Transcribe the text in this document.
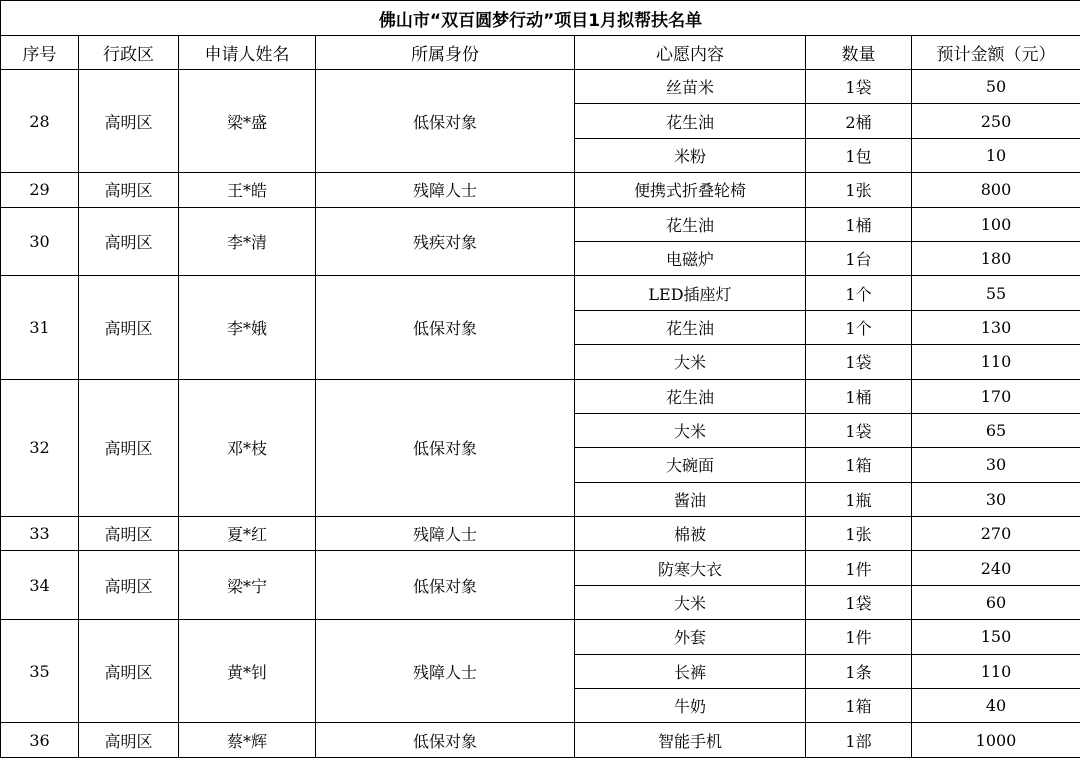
佛山市“双百圆梦行动”项目1月拟帮扶名单						
序号	行政区	申请人姓名	所属身份	心愿内容	数量	预计金额（元）
28	高明区	梁*盛	低保对象	丝苗米	1袋	50
				花生油	2桶	250
				米粉	1包	10
29	高明区	王*皓	残障人士	便携式折叠轮椅	1张	800
30	高明区	李*清	残疾对象	花生油	1桶	100
				电磁炉	1台	180
31	高明区	李*娥	低保对象	LED插座灯	1个	55
				花生油	1个	130
				大米	1袋	110
32	高明区	邓*枝	低保对象	花生油	1桶	170
				大米	1袋	65
				大碗面	1箱	30
				酱油	1瓶	30
33	高明区	夏*红	残障人士	棉被	1张	270
34	高明区	梁*宁	低保对象	防寒大衣	1件	240
				大米	1袋	60
35	高明区	黄*钊	残障人士	外套	1件	150
				长裤	1条	110
				牛奶	1箱	40
36	高明区	蔡*辉	低保对象	智能手机	1部	1000
